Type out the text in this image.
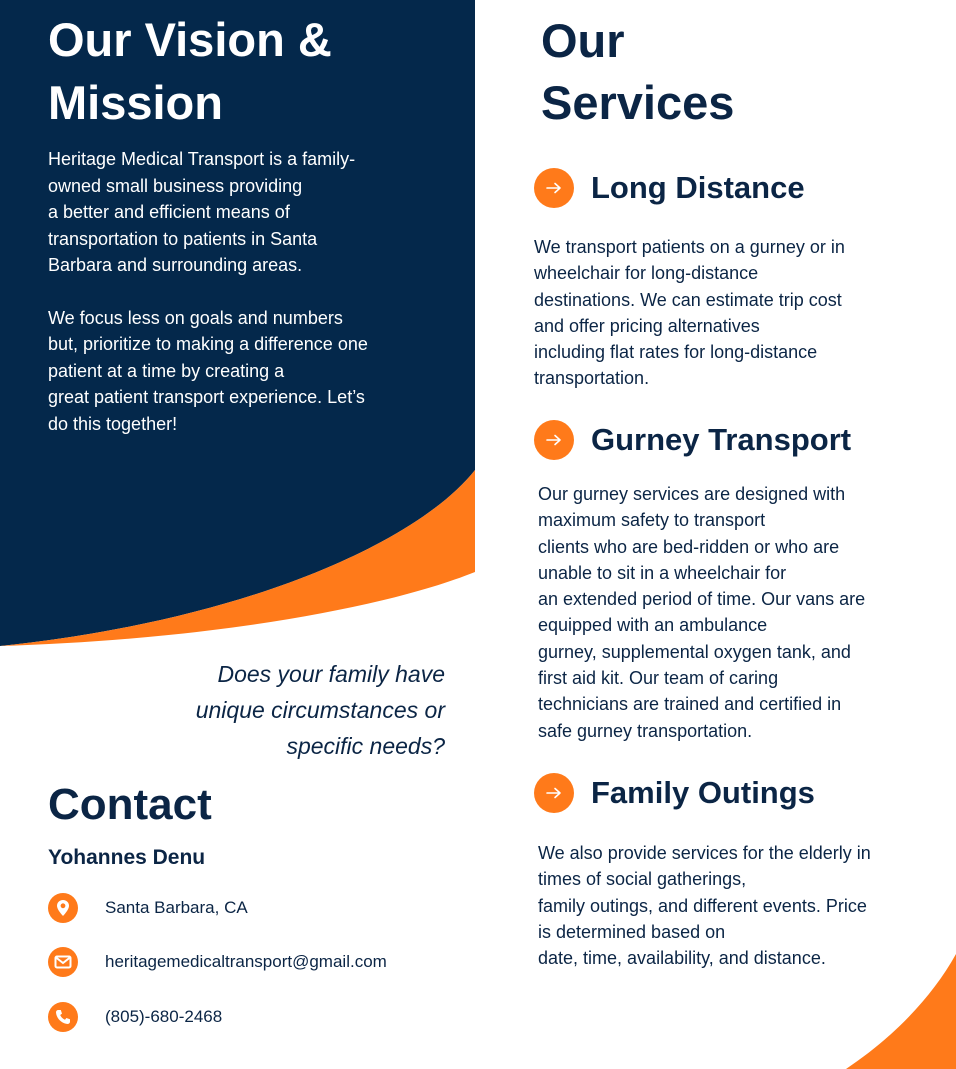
Our Vision &
Mission

Heritage Medical Transport is a family-
owned small business providing
a better and efficient means of
transportation to patients in Santa
Barbara and surrounding areas.

We focus less on goals and numbers
but, prioritize to making a difference one
patient at a time by creating a
great patient transport experience. Let’s
do this together!

Does your family have
unique circumstances or
specific needs?
Contact
Yohannes Denu
Santa Barbara, CA
heritagemedicaltransport@gmail.com
(805)-680-2468
Our
Services
Long Distance
We transport patients on a gurney or in
wheelchair for long-distance
destinations. We can estimate trip cost
and offer pricing alternatives
including flat rates for long-distance
transportation.
Gurney Transport
Our gurney services are designed with
maximum safety to transport
clients who are bed-ridden or who are
unable to sit in a wheelchair for
an extended period of time. Our vans are
equipped with an ambulance
gurney, supplemental oxygen tank, and
first aid kit. Our team of caring
technicians are trained and certified in
safe gurney transportation.
Family Outings
We also provide services for the elderly in
times of social gatherings,
family outings, and different events. Price
is determined based on
date, time, availability, and distance.
